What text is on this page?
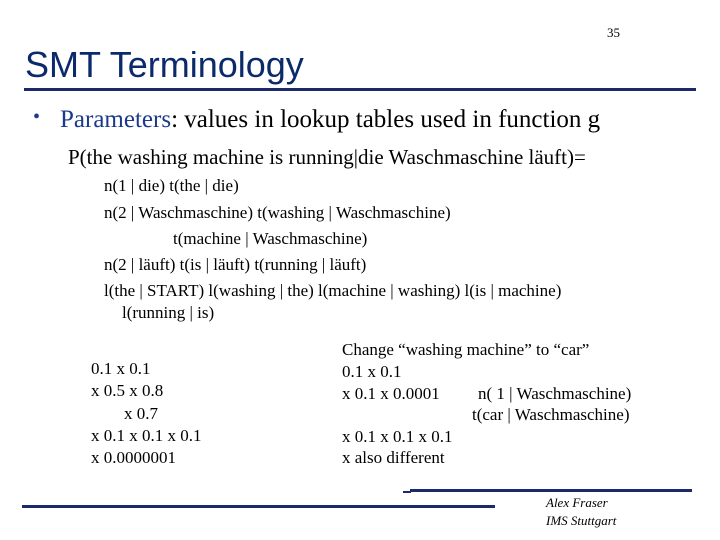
35
SMT Terminology
• Parameters: values in lookup tables used in function g
P(the washing machine is running|die Waschmaschine läuft)=
n(1 | die) t(the | die)
n(2 | Waschmaschine) t(washing | Waschmaschine)
t(machine | Waschmaschine)
n(2 | läuft) t(is | läuft) t(running | läuft)
l(the | START) l(washing | the) l(machine | washing) l(is | machine)
l(running | is)
0.1 x 0.1
x 0.5 x 0.8
x 0.7
x 0.1 x 0.1 x 0.1
x 0.0000001
Change “washing machine” to “car”
0.1 x 0.1
x 0.1 x 0.0001 n( 1 | Waschmaschine)
t(car | Waschmaschine)
x 0.1 x 0.1 x 0.1
x also different
Alex Fraser
IMS Stuttgart
